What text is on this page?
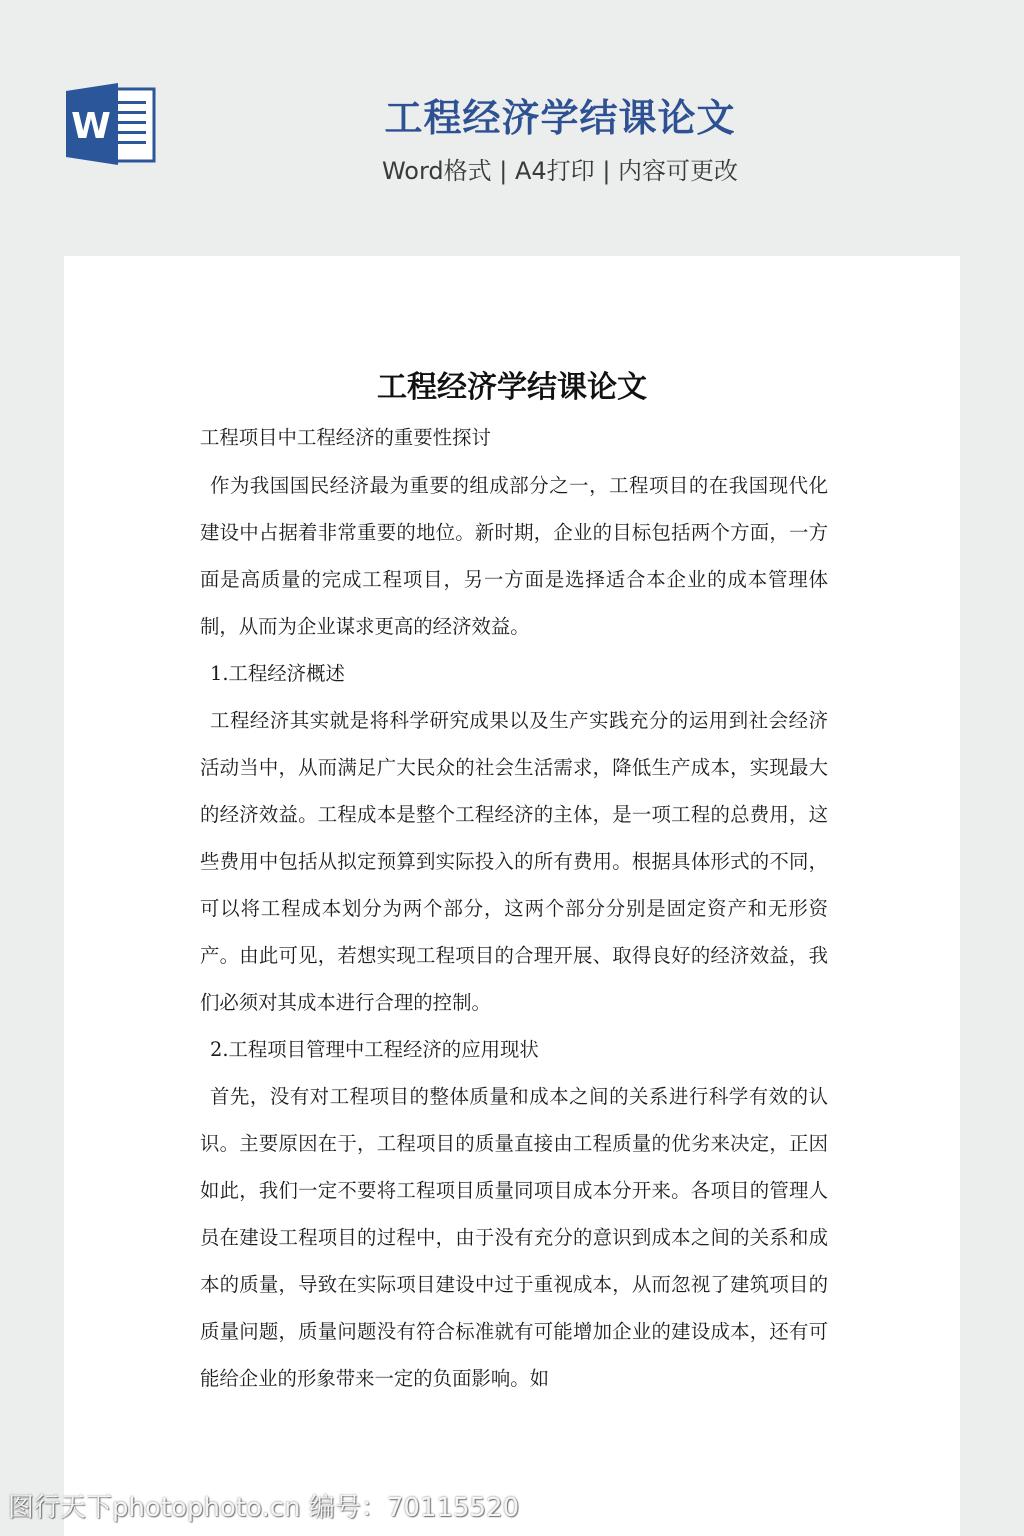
W	工程经济学结课论文
Word格式 | A4打印 | 内容可更改
工程经济学结课论文

工程项目中工程经济的重要性探讨

作为我国国民经济最为重要的组成部分之一，工程项目的在我国现代化建设中占据着非常重要的地位。新时期，企业的目标包括两个方面，一方面是高质量的完成工程项目，另一方面是选择适合本企业的成本管理体制，从而为企业谋求更高的经济效益。

1.工程经济概述

工程经济其实就是将科学研究成果以及生产实践充分的运用到社会经济活动当中，从而满足广大民众的社会生活需求，降低生产成本，实现最大的经济效益。工程成本是整个工程经济的主体，是一项工程的总费用，这些费用中包括从拟定预算到实际投入的所有费用。根据具体形式的不同，可以将工程成本划分为两个部分，这两个部分分别是固定资产和无形资产。由此可见，若想实现工程项目的合理开展、取得良好的经济效益，我们必须对其成本进行合理的控制。

2.工程项目管理中工程经济的应用现状

首先，没有对工程项目的整体质量和成本之间的关系进行科学有效的认识。主要原因在于，工程项目的质量直接由工程质量的优劣来决定，正因如此，我们一定不要将工程项目质量同项目成本分开来。各项目的管理人员在建设工程项目的过程中，由于没有充分的意识到成本之间的关系和成本的质量，导致在实际项目建设中过于重视成本，从而忽视了建筑项目的质量问题，质量问题没有符合标准就有可能增加企业的建设成本，还有可能给企业的形象带来一定的负面影响。如

图行天下photophoto.cn 编号：70115520
